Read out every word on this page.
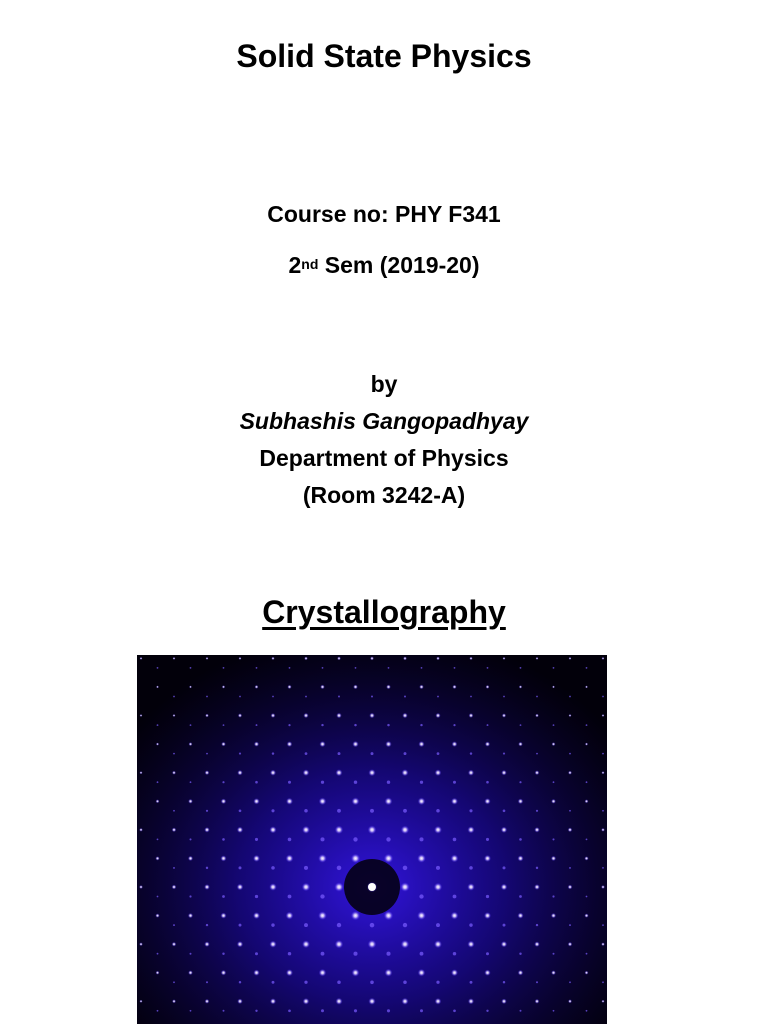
Solid State Physics
Course no: PHY F341
2nd Sem (2019-20)
by
Subhashis Gangopadhyay
Department of Physics
(Room 3242-A)
Crystallography
